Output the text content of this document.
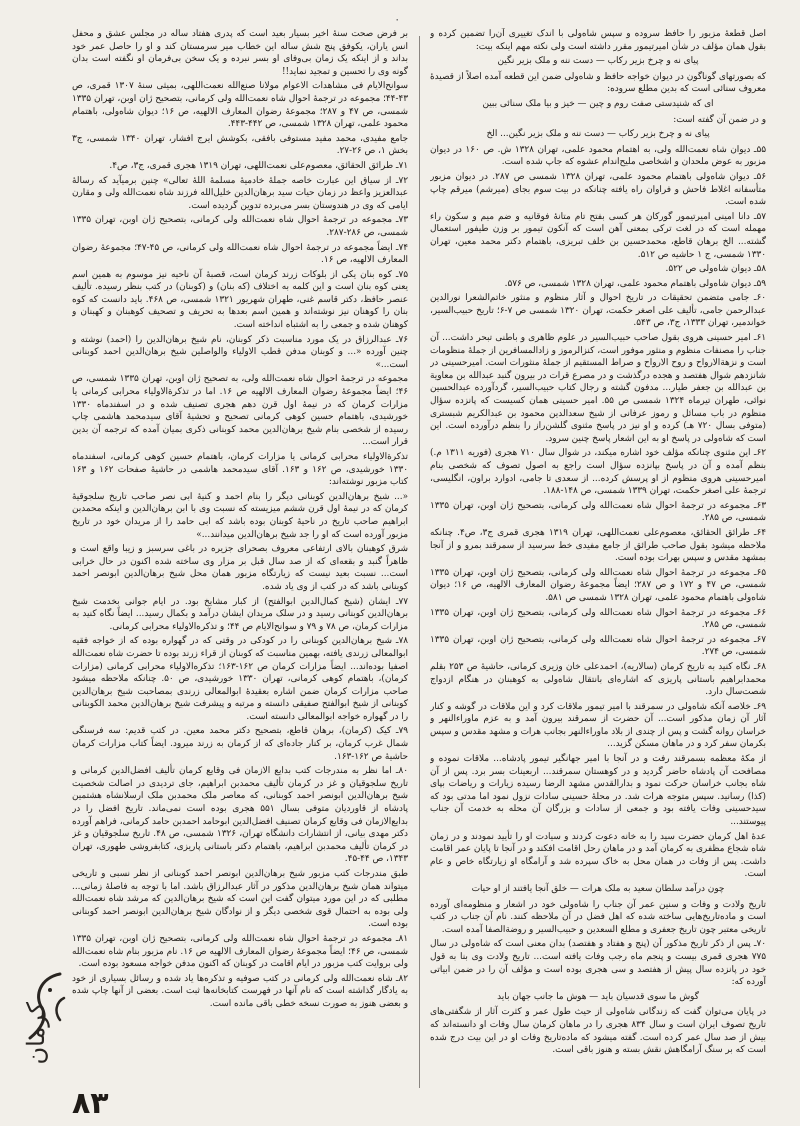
۰

اصل قطعهٔ مزبور را حافظ سروده و سپس شاه‌ولی با اندک تغییری آن‌را تضمین کرده و بقول همان مؤلف در شأن امیرتیمور مقرر داشته است ولی نکته مهم اینکه بیت:

پیای نه و چرخ بزیر رکاب — دست ننه و ملک بزیر نگین

که بصورتهای گوناگون در دیوان خواجه حافظ و شاه‌ولی ضمن این قطعه آمده اصلاً از قصیدهٔ معروف سنائی است که بدین مطلع سروده:

ای که شنیدستی صفت روم و چین — خیز و بیا ملک سنائی ببین

و در ضمن آن گفته است:

پیای نه و چرخ بزیر رکاب — دست ننه و ملک بزیر نگین... الخ

۵۵ـ دیوان شاه نعمت‌الله ولی، به اهتمام محمود علمی، تهران ۱۳۲۸ ش. ص ۱۶۰ در دیوان مزبور به عوض ملحدان و اشخاصی ملیح‌اندام عشوه که جاپ شده است.

۵۶ـ دیوان شاه‌ولی باهتمام محمود علمی، تهران ۱۳۲۸ شمسی ص ۲۸۷. در دیوان مزبور متأسفانه اغلاط فاحش و فراوان راه یافته چنانکه در بیت سوم بجای (میرشم) میرقم چاپ شده است.

۵۷ـ دانا امینی امیرتیمور گورکان هر کسی بفتح تام متانهٔ فوقانیه و ضم میم و سکون راء مهمله است که در لغت ترکی بمعنی آهن است که آنکون تیمور بر وزن طیفور استعمال گشته... الخ برهان قاطع، محمدحسین بن خلف تبریزی، باهتمام دکتر محمد معین، تهران ۱۳۳۰ شمسی، ج ۱ حاشیه ص ۵۱۲.

۵۸ـ دیوان شاه‌ولی ص ۵۲۲.

۵۹ـ دیوان شاه‌ولی باهتمام محمود علمی، تهران ۱۳۲۸ شمسی، ص ۵۷۶.

۶۰ـ جامی متضمن تحقیقات در تاریخ احوال و آثار منظوم و منثور خاتم‌الشعرا نورالدین عبدالرحمن جامی، تألیف علی اصغر حکمت، تهران ۱۳۲۰ شمسی ص ۷-۶؛ تاریخ حبیب‌السیر، خواندمیر، تهران ۱۳۳۳، ج۳، ص ۵۴۳.

۶۱ـ امیر حسینی هروی بقول صاحب حبیب‌السیر در علوم ظاهری و باطنی تبحر داشت... آن جناب را مصنفات منظوم و منثور موفور است، کنزالرموز و زادالمسافرین از جملهٔ منظومات است و نزهة‌الارواح و روح الارواح و صراط المستقیم از جملهٔ منثورات است. امیرحسینی در شانزدهم شوال هفتصد و هجده درگذشت و در مصرع قرات در بیرون گنبد عبدالله بن معاویة بن عبدالله بن جعفر طیار... مدفون گشته و رجال کتاب حبیب‌السیر، گردآورده عبدالحسین نوائی، طهران تیرماه ۱۳۲۴ شمسی ص ۵۵. امیر حسینی همان کسیست که پانزده سؤال منظوم در باب مسائل و رموز عرفانی از شیخ سعدالدین محمود بن عبدالکریم شبستری (متوفی بسال ۷۲۰ هـ) کرده و او نیز در پاسخ مثنوی گلشن‌راز را بنظم درآورده است. این است که شاه‌ولی در پاسخ او به این اشعار پاسخ چنین سرود.

۶۲ـ این مثنوی چنانکه مؤلف خود اشاره میکند، در شوال سال ۷۱۰ هجری (فوریه ۱۳۱۱ م.) بنظم آمده و آن در پاسخ بپانزده سؤال است راجع به اصول تصوف که شخصی بنام امیرحسینی هروی منظوم از او پرسش کرده... از سعدی تا جامی، ادوارد براون، انگلیسی، ترجمهٔ علی اصغر حکمت، تهران ۱۳۳۹ شمسی، ص ۱۴۸-۱۸۸.

۶۳ـ مجموعه در ترجمهٔ احوال شاه نعمت‌الله ولی کرمانی، بتصحیح ژان اوبن، تهران ۱۳۳۵ شمسی، ص ۲۸۵.

۶۴ـ طرائق الحقائق، معصوم‌علی نعمت‌اللهی، تهران ۱۳۱۹ هجری قمری ج۳، ص۴. چنانکه ملاحظه میشود بقول صاحب طرائق از جامع مفیدی خط سرسید از سمرقند بمرو و از آنجا بمشهد مقدس و سپس بهرات بوده است.

۶۵ـ مجموعه در ترجمهٔ احوال شاه نعمت‌الله ولی کرمانی، بتصحیح ژان اوبن، تهران ۱۳۳۵ شمسی، ص ۴۷ و ۱۷۲ و ص ۲۸۷؛ ایضاً مجموعهٔ رضوان المعارف الالهیه، ص ۱۶؛ دیوان شاه‌ولی باهتمام محمود علمی، تهران ۱۳۲۸ شمسی ص ۵۸۱.

۶۶ـ مجموعه در ترجمهٔ احوال شاه نعمت‌الله ولی کرمانی، بتصحیح ژان اوبن، تهران ۱۳۳۵ شمسی، ص ۲۸۵.

۶۷ـ مجموعه در ترجمهٔ احوال شاه نعمت‌الله ولی کرمانی، بتصحیح ژان اوبن، تهران ۱۳۳۵ شمسی، ص ۲۷۴.

۶۸ـ نگاه کنید به تاریخ کرمان (سالاریه)، احمدعلی خان وزیری کرمانی، حاشیهٔ ص ۲۵۳ بقلم محمدابراهیم باستانی پاریزی که اشاره‌ای بانتقال شاه‌ولی به کوهبنان در هنگام ازدواج شصت‌سال دارد.

۶۹ـ خلاصه آنکه شاه‌ولی در سمرقند با امیر تیمور ملاقات کرد و این ملاقات در گوشه و کنار آثار آن زمان مذکور است... آن حضرت از سمرقند بیرون آمد و به عزم ماوراءالنهر و خراسان روانه گشت و پس از چندی از بلاد ماوراءالنهر بجانب هرات و مشهد مقدس و سپس بکرمان سفر کرد و در ماهان مسکن گزید...

از مکهٔ معظمه بسمرقند رفت و در آنجا با امیر جهانگیر تیمور پادشاه... ملاقات نموده و مصافحت آن پادشاه حاضر گردید و در کوهستان سمرقند... اربعینات بسر برد. پس از آن شاه بجانب خراسان حرکت نمود و بدارالقدس مشهد الرضا رسیده زیارات و ریاضات بپای (کذا) رسانید. سپس متوجه هرات شد. در محلهٔ حسینی سادات نزول نمود اما مدتی بود که سیدحسینی وفات یافته بود و جمعی از سادات و بزرگان آن محله به خدمت آن جناب پیوستند...

عدهٔ اهل کرمان حضرت سید را به خانه دعوت کردند و سیادت او را تأیید نمودند و در زمان شاه شجاع مظفری به کرمان آمد و در ماهان رحل اقامت افکند و در آنجا تا پایان عمر اقامت داشت. پس از وفات در همان محل به خاک سپرده شد و آرامگاه او زیارتگاه خاص و عام است.

چون درآمد سلطان سعید به ملک هرات — خلق آنجا یافتند از او حیات

تاریخ ولادت و وفات و سنین عمر آن جناب را شاه‌ولی خود در اشعار و منظومه‌ای آورده است و ماده‌تاریخ‌هایی ساخته شده که اهل فضل در آن ملاحظه کنند. نام آن جناب در کتب تاریخی معتبر چون تاریخ جعفری و مطلع السعدین و حبیب‌السیر و روضة‌الصفا آمده است.

۷۰ـ پس از ذکر تاریخ مذکور آن (پنج و هفتاد و هفتصد) بدان معنی است که شاه‌ولی در سال ۷۷۵ هجری قمری بیست و پنجم ماه رجب وفات یافته است... تاریخ ولادت وی بنا به قول خود در پانزده سال پیش از هفتصد و سی هجری بوده است و مؤلف آن را در ضمن ابیاتی آورده که:

گوش ما سوی قدسیان باید — هوش ما جانب جهان باید

در پایان می‌توان گفت که زندگانی شاه‌ولی از حیث طول عمر و کثرت آثار از شگفتی‌های تاریخ تصوف ایران است و سال ۸۳۴ هجری را در ماهان کرمان سال وفات او دانسته‌اند که بیش از صد سال عمر کرده است. گفته میشود که ماده‌تاریخ وفات او در این بیت درج شده است که بر سنگ آرامگاهش نقش بسته و هنوز باقی است.

بر فرض صحت سنهٔ اخیر بسیار بعید است که پدری هفتاد ساله در مجلس عشق و محفل انس یاران، یکوفق پنج شش ساله این خطاب میر سرمستان کند و او را حاصل عمر خود بداند و از اینکه یک زمان بی‌وفای او بسر نبرده و یک سخن بی‌فرمان او نگفته است بدان گونه وی را تحسین و تمجید نماید!!

سوانح‌الایام فی مشاهدات الاعوام مولانا صنع‌الله نعمت‌اللهی، بمیثی سنهٔ ۱۳۰۷ قمری، ص ۴۳-۴۴؛ مجموعه در ترجمهٔ احوال شاه نعمت‌الله ولی کرمانی، بتصحیح ژان اوبن، تهران ۱۳۳۵ شمسی، ص ۴۷ و ۲۸۷؛ مجموعهٔ رضوان المعارف الالهیه، ص ۱۶؛ دیوان شاه‌ولی، باهتمام محمود علمی، تهران ۱۳۲۸ شمسی، ص ۴۴۲-۴۴۳.

جامع مفیدی، محمد مفید مستوفی بافقی، بکوشش ایرج افشار، تهران ۱۳۴۰ شمسی، ج۳ بخش ۱، ص ۲۶-۲۷.

۷۱ـ طرائق الحقائق، معصوم‌علی نعمت‌اللهی، تهران ۱۳۱۹ هجری قمری، ج۳، ص۴.

۷۲ـ از سیاق این عبارت خاصه جملهٔ خادمیهٔ مسلمهٔ اللهٔ تعالی» چنین برمیآید که رسالهٔ عبدالعزیز واعظ در زمان حیات سید برهان‌الدین خلیل‌الله فرزند شاه نعمت‌الله ولی و مقارن ایامی که وی در هندوستان بسر می‌برده تدوین گردیده است.

۷۳ـ مجموعه در ترجمهٔ احوال شاه نعمت‌الله ولی کرمانی، بتصحیح ژان اوبن، تهران ۱۳۳۵ شمسی، ص ۲۸۶-۲۸۷.

۷۴ـ ایضاً مجموعه در ترجمهٔ احوال شاه نعمت‌الله ولی کرمانی، ص ۴۵-۴۷؛ مجموعهٔ رضوان المعارف الالهیه، ص ۱۶.

۷۵ـ کوه بنان یکی از بلوکات زرند کرمان است، قصبهٔ آن ناحیه نیز موسوم به همین اسم یعنی کوه بنان است و این کلمه به اختلاف (که بنان) و (کوبنان) در کتب بنظر رسیده. تألیف عنصر حافظ، دکتر قاسم غنی، طهران شهریور ۱۳۲۱ شمسی، ص ۴۶۸. باید دانست که کوه بنان را کوهنان نیز نوشته‌اند و همین اسم بعدها به تحریف و تصحیف کوهبنان و کهبنان و کوهنان شده و جمعی را به اشتباه انداخته است.

۷۶ـ عبدالرزاق در یک مورد مناسبت ذکر کوبنان، نام شیخ برهان‌الدین را (احمد) نوشته و چنین آورده «... و کوبنان مدفن قطب الاولیاء والواصلین شیخ برهان‌الدین احمد کوبنانی است...»

مجموعه در ترجمهٔ احوال شاه نعمت‌الله ولی، به تصحیح ژان اوبن، تهران ۱۳۳۵ شمسی، ص ۴۶؛ ایضاً مجموعهٔ رضوان المعارف الالهیه ص ۱۶. اما در تذکرة‌الاولیاء محرابی کرمانی یا مزارات کرمان که در نیمهٔ اول قرن دهم هجری تصنیف شده و در اسفندماه ۱۳۳۰ خورشیدی، باهتمام حسین کوهی کرمانی تصحیح و تحشیهٔ آقای سیدمحمد هاشمی چاپ رسیده از شخصی بنام شیخ برهان‌الدین محمد کوبنانی ذکری بمیان آمده که ترجمه آن بدین قرار است...

تذکرة‌الاولیاء محرابی کرمانی یا مزارات کرمان، باهتمام حسین کوهی کرمانی، اسفندماه ۱۳۳۰ خورشیدی، ص ۱۶۲ و ۱۶۳. آقای سیدمحمد هاشمی در حاشیهٔ صفحات ۱۶۲ و ۱۶۳ کتاب مزبور نوشته‌اند:

«... شیخ برهان‌الدین کوبنانی دیگر را بنام احمد و کنیهٔ ابی نصر صاحب تاریخ سلجوقیهٔ کرمان که در نیمهٔ اول قرن ششم میزیسته که نسبت وی با ابن برهان‌الدین و اینکه محمدبن ابراهیم صاحب تاریخ در ناحیهٔ کوبنان بوده باشد که ابی حامد را از مریدان خود در تاریخ مزبور آورده است که او را جد شیخ برهان‌الدین میدانند...»

شرق کوهبنان بالای ارتفاعی معروف بصحرای جزیره در باغی سرسبز و زیبا واقع است و ظاهراً گنبد و بقعه‌ای که از صد سال قبل بر مزار وی ساخته شده اکنون در حال خرابی است... نسبت بعید نیست که زیارتگاه مزبور همان محل شیخ برهان‌الدین ابونصر احمد کوبنانی باشد که در کتب از وی یاد شده.

۷۷ـ ایشان (شیخ کمال‌الدین ابوالفتح) از کبار مشایخ بود. در ایام جوانی بخدمت شیخ برهان‌الدین کوبنانی رسید و در سلک مریدان ایشان درآمد و بکمال رسید... ایضاً نگاه کنید به مزارات کرمان، ص ۷۸ و ۷۹ و سوانح‌الایام ص ۴۴؛ و تذکره‌الاولیاء محرابی کرمانی.

۷۸ـ شیخ برهان‌الدین کوبنانی را در کودکی در وقتی که در گهواره بوده که از خواجه فقیه ابوالمعالی زرندی یافته، بهمین مناسبت که کوبنان از قراء زرند بوده تا حضرت شاه نعمت‌الله اصفیا بوده‌اند... ایضاً مزارات کرمان ص ۱۶۲-۱۶۳؛ تذکره‌الاولیاء محرابی کرمانی (مزارات کرمان)، باهتمام کوهی کرمانی، تهران ۱۳۳۰ خورشیدی، ص ۵۰. چنانکه ملاحظه میشود صاحب مزارات کرمان ضمن اشاره بعقیدهٔ ابوالمعالی زرندی بمصاحبت شیخ برهان‌الدین کوبنانی از شیخ ابوالفتح صفیقی دانسته و مرتبه و پیشرفت شیخ برهان‌الدین محمد الکوبنانی را در گهواره خواجه ابوالمعالی دانسته است.

۷۹ـ کیک (کرمان)، برهان قاطع، بتصحیح دکتر محمد معین. در کتب قدیم: سه فرسنگی شمال غرب کرمان، بر کنار جاده‌ای که از کرمان به زرند میرود. ایضاً کتاب مزارات کرمان حاشیهٔ ص ۱۶۲-۱۶۳.

۸۰ـ اما نظر به مندرجات کتب بدایع الازمان فی وقایع کرمان تألیف افضل‌الدین کرمانی و تاریخ سلجوقیان و غز در کرمان تألیف محمدبن ابراهیم، جای تردیدی در اصالت شخصیت شیخ برهان‌الدین ابونصر احمد کوبنانی، که معاصر ملک محمدبن ملک ارسلانشاه هشتمین پادشاه از قاوردیان متوفی بسال ۵۵۱ هجری بوده است نمی‌ماند. تاریخ افضل را در بدایع‌الازمان فی وقایع کرمان تصنیف افضل‌الدین ابوحامد احمدبن حامد کرمانی، فراهم آورده دکتر مهدی بیانی، از انتشارات دانشگاه تهران، ۱۳۲۶ شمسی، ص ۴۸. تاریخ سلجوقیان و غز در کرمان تألیف محمدبن ابراهیم، باهتمام دکتر باستانی پاریزی، کتابفروشی طهوری، تهران ۱۳۴۳، ص ۴۴-۴۵.

طبق مندرجات کتب مزبور شیخ برهان‌الدین ابونصر احمد کوبنانی از نظر نسبی و تاریخی میتواند همان شیخ برهان‌الدین مذکور در آثار عبدالرزاق باشد. اما با توجه به فاصلهٔ زمانی... مطلبی که در این مورد میتوان گفت این است که شیخ برهان‌الدین که مرشد شاه نعمت‌الله ولی بوده به احتمال قوی شخصی دیگر و از نوادگان شیخ برهان‌الدین ابونصر احمد کوبنانی بوده است.

۸۱ـ مجموعه در ترجمهٔ احوال شاه نعمت‌الله ولی کرمانی، بتصحیح ژان اوبن، تهران ۱۳۳۵ شمسی، ص ۴۶؛ ایضاً مجموعهٔ رضوان المعارف الالهیه ص ۱۶. نام مزبور بنام شاه نعمت‌الله ولی بروایت کتب مزبور در ایام اقامت در کوبنان که اکنون مدفن خواجه مسعود بوده است.

۸۲ـ شاه نعمت‌الله ولی کرمانی در کتب صوفیه و تذکره‌ها یاد شده و رسائل بسیاری از خود به یادگار گذاشته است که نام آنها در فهرست کتابخانه‌ها ثبت است. بعضی از آنها چاپ شده و بعضی هنوز به صورت نسخه خطی باقی مانده است.

کرمان
۸۳
